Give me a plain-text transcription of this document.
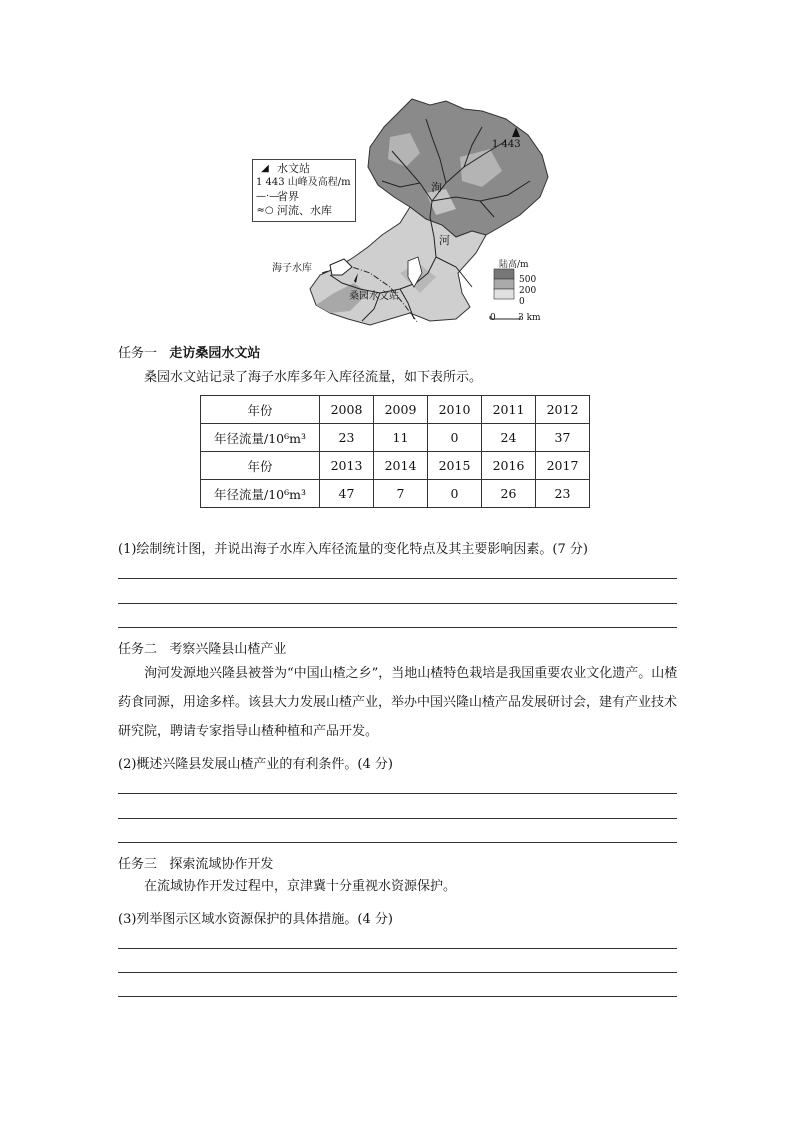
1 443
洵
河
海子水库
桑园水文站
陆高/m
500
200
0
0 3 km
◢ 水文站
1 443 山峰及高程/m
—·—
省界
≈○ 河流、水库
任务一 走访桑园水文站
桑园水文站记录了海子水库多年入库径流量，如下表所示。
年份	2008	2009	2010	2011	2012
年径流量/10⁶m³	23	11	0	24	37
年份	2013	2014	2015	2016	2017
年径流量/10⁶m³	47	7	0	26	23
(1)绘制统计图，并说出海子水库入库径流量的变化特点及其主要影响因素。(7 分)
任务二 考察兴隆县山楂产业
洵河发源地兴隆县被誉为“中国山楂之乡”，当地山楂特色栽培是我国重要农业文化遗产。山楂药食同源，用途多样。该县大力发展山楂产业，举办中国兴隆山楂产品发展研讨会，建有产业技术研究院，聘请专家指导山楂种植和产品开发。
(2)概述兴隆县发展山楂产业的有利条件。(4 分)
任务三 探索流域协作开发
在流域协作开发过程中，京津冀十分重视水资源保护。
(3)列举图示区域水资源保护的具体措施。(4 分)
